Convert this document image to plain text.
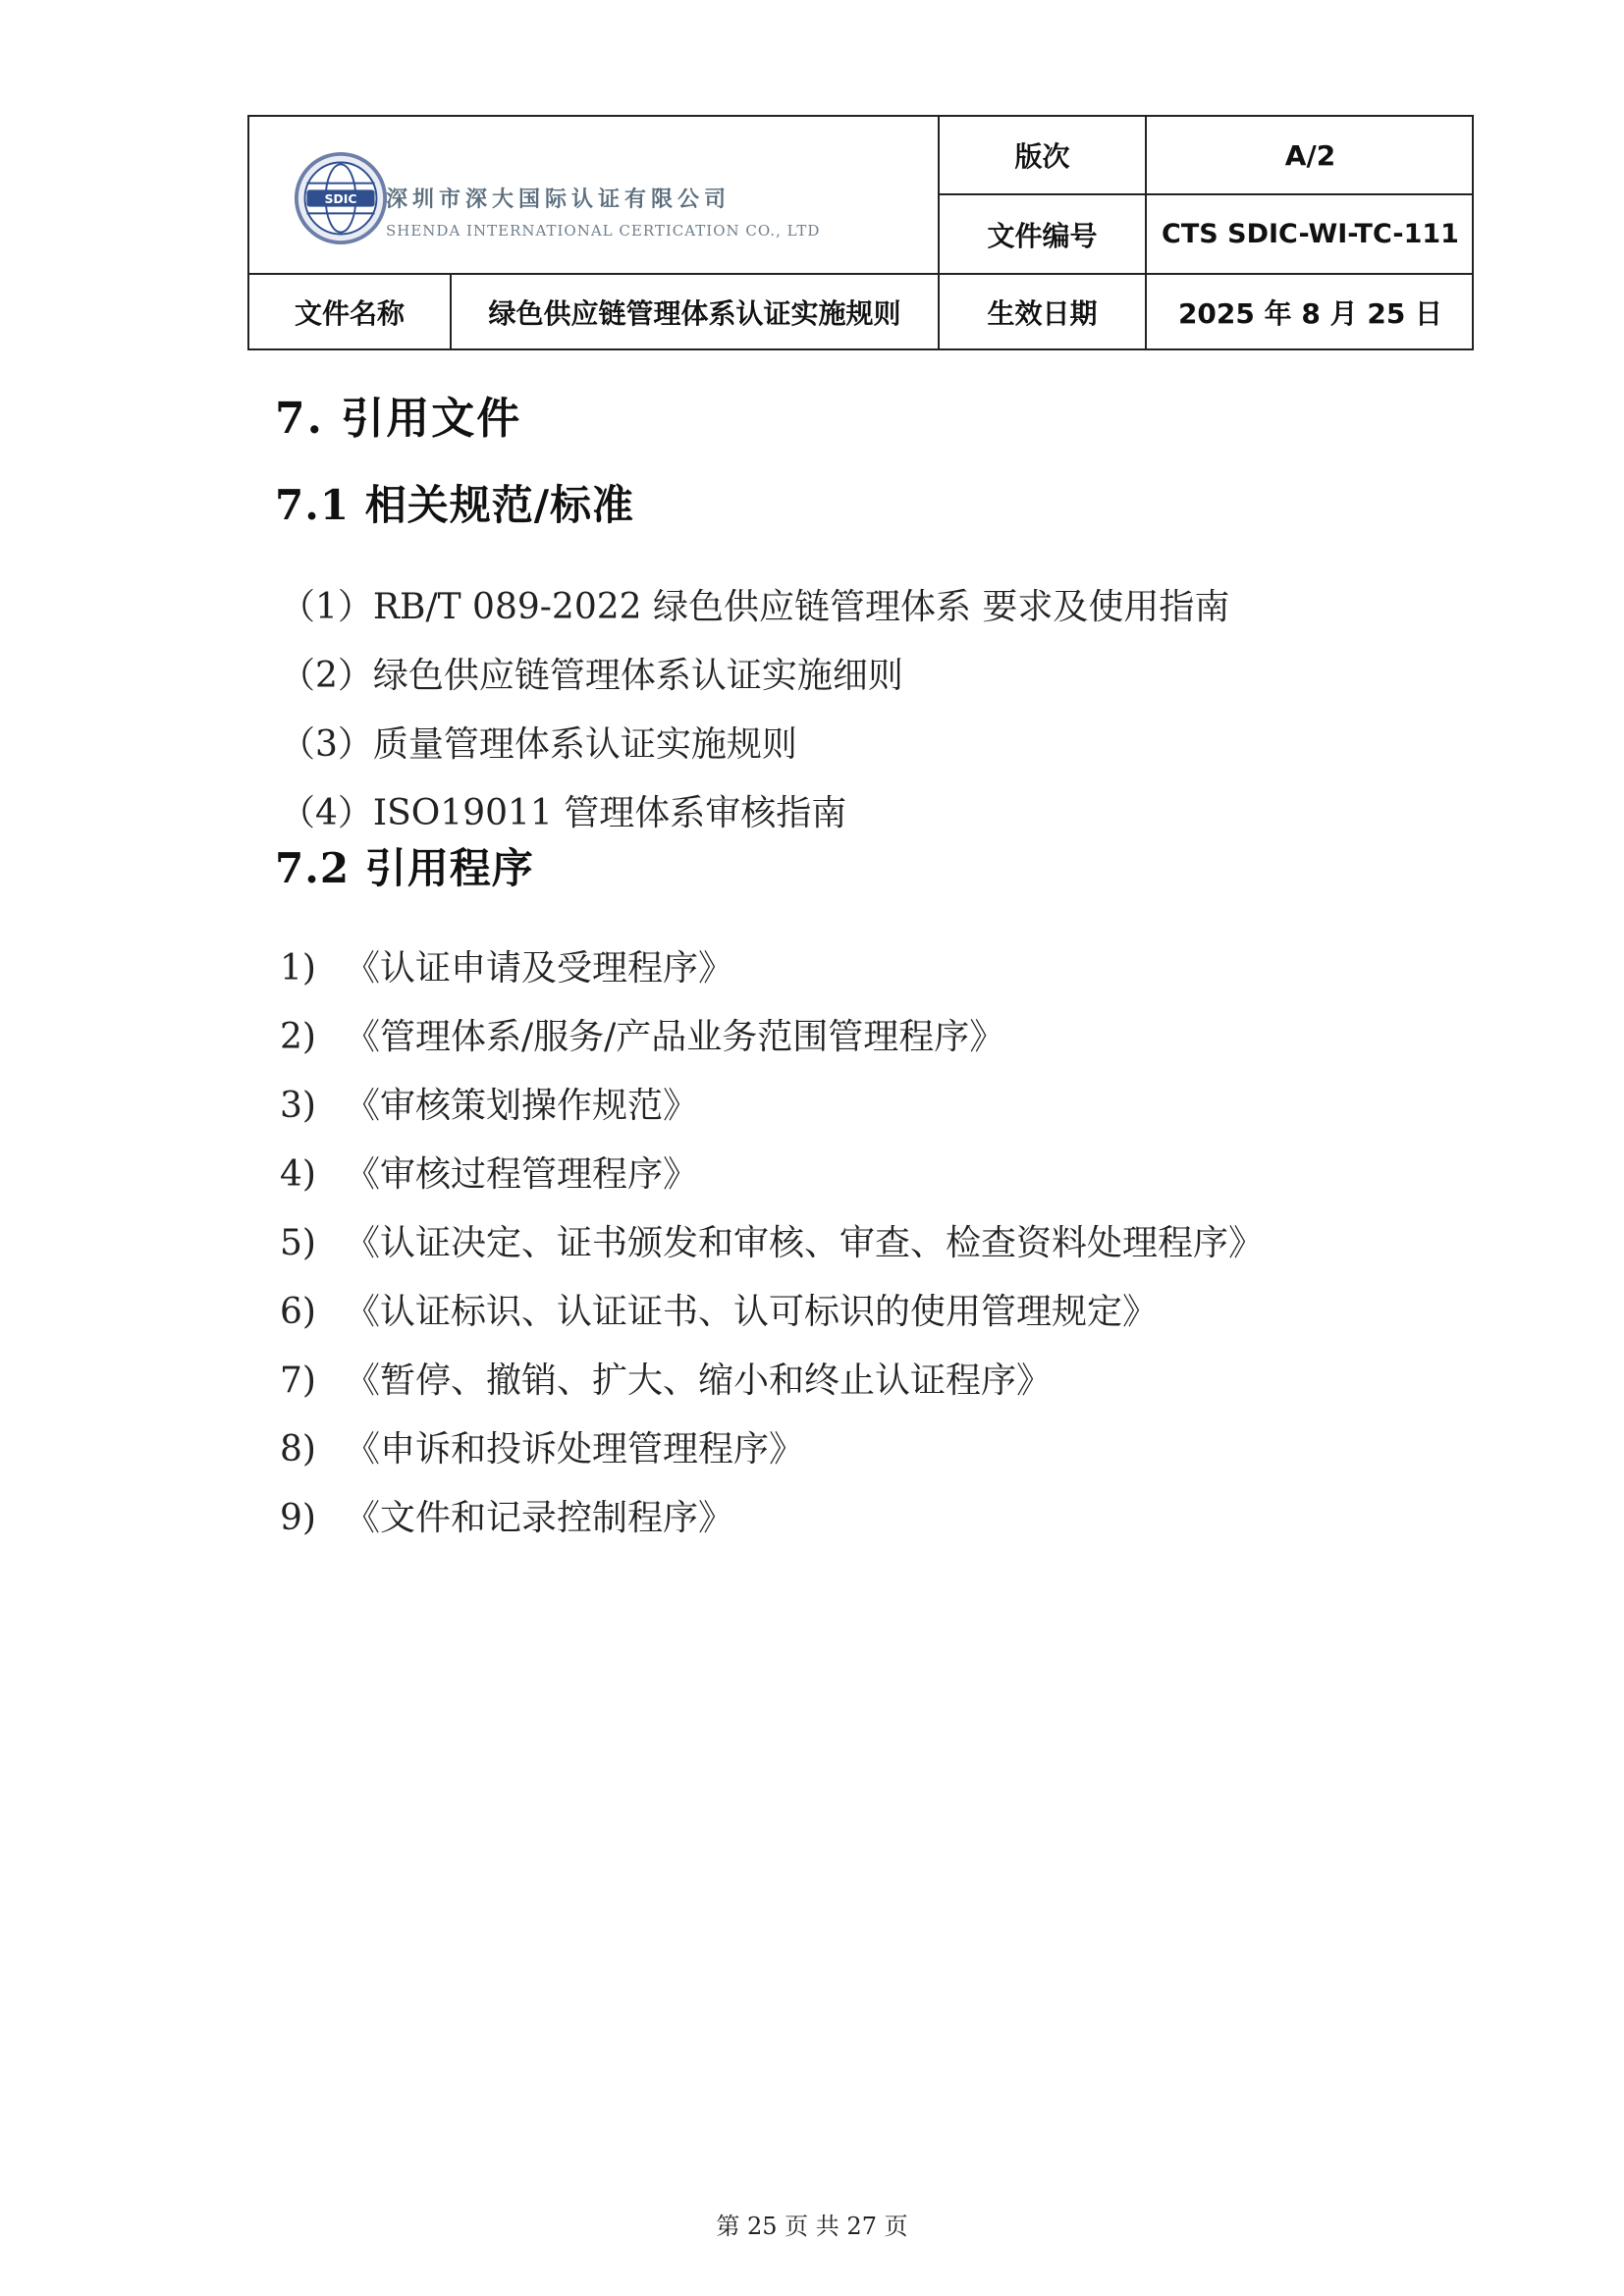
SDIC 深圳市深大国际认证有限公司
SHENDA INTERNATIONAL CERTICATION CO., LTD
版次	A/2
文件编号	CTS SDIC-WI-TC-111
文件名称	绿色供应链管理体系认证实施规则	生效日期	2025 年 8 月 25 日
7. 引用文件
7.1 相关规范/标准
（1）RB/T 089-2022 绿色供应链管理体系 要求及使用指南
（2）绿色供应链管理体系认证实施细则
（3）质量管理体系认证实施规则
（4）ISO19011 管理体系审核指南
7.2 引用程序
1) 《认证申请及受理程序》
2) 《管理体系/服务/产品业务范围管理程序》
3) 《审核策划操作规范》
4) 《审核过程管理程序》
5) 《认证决定、证书颁发和审核、审查、检查资料处理程序》
6) 《认证标识、认证证书、认可标识的使用管理规定》
7) 《暂停、撤销、扩大、缩小和终止认证程序》
8) 《申诉和投诉处理管理程序》
9) 《文件和记录控制程序》
第 25 页 共 27 页
